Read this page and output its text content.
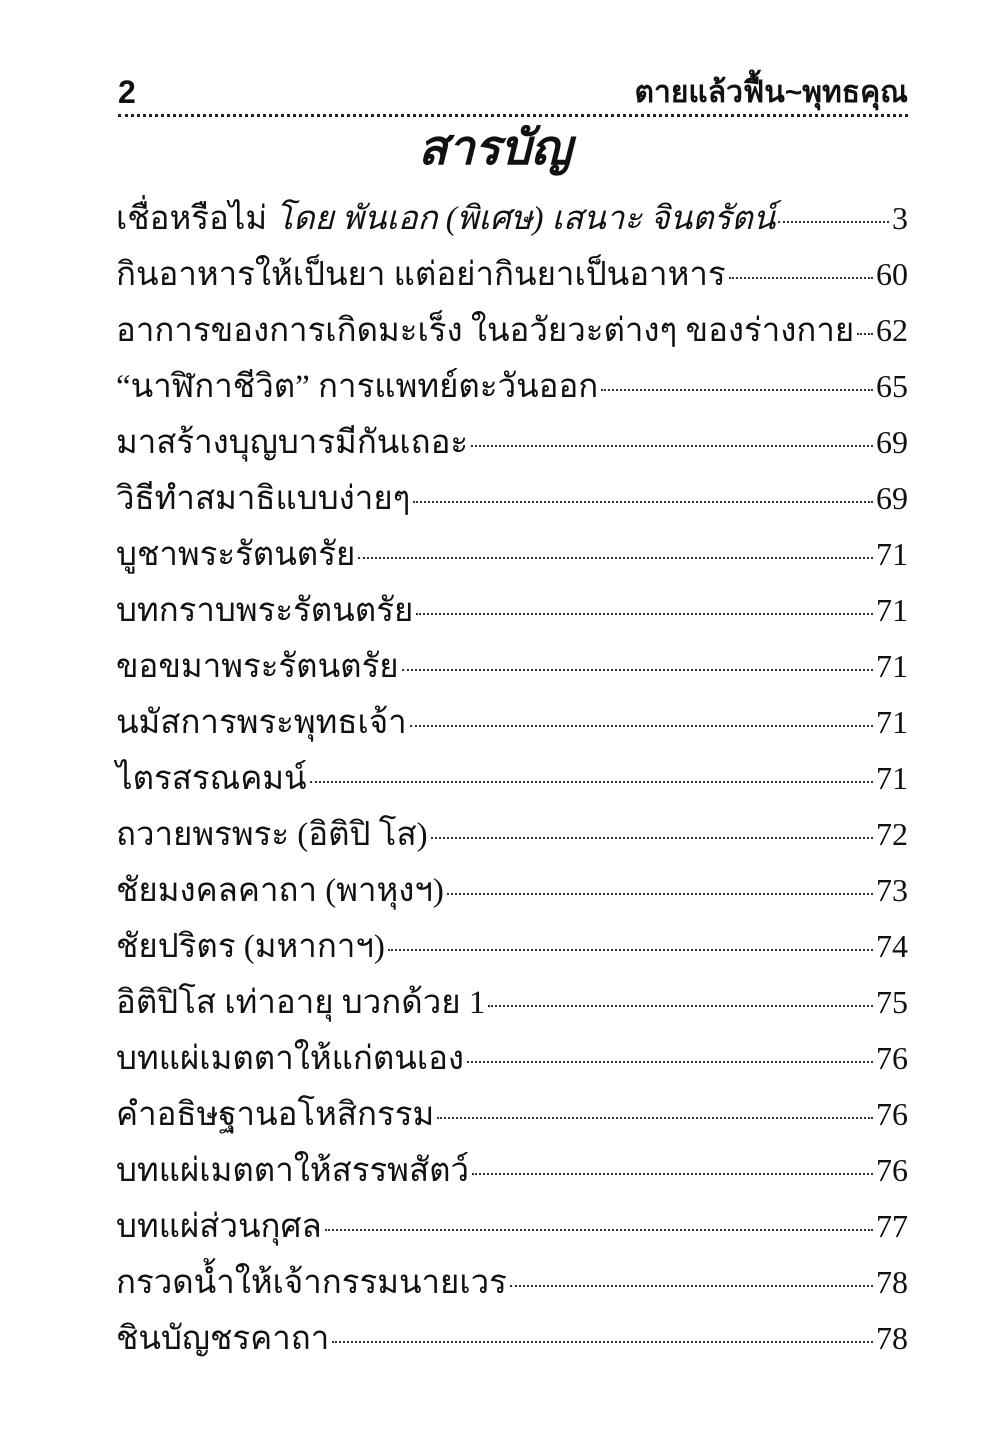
2	ตายแล้วฟื้น~พุทธคุณ
สารบัญ
เชื่อหรือไม่ โดย พันเอก (พิเศษ) เสนาะ จินตรัตน์	3
กินอาหารให้เป็นยา แต่อย่ากินยาเป็นอาหาร	60
อาการของการเกิดมะเร็ง ในอวัยวะต่างๆ ของร่างกาย 62
“นาฬิกาชีวิต” การแพทย์ตะวันออก	65
มาสร้างบุญบารมีกันเถอะ	69
วิธีทำสมาธิแบบง่ายๆ	69
บูชาพระรัตนตรัย	71
บทกราบพระรัตนตรัย	71
ขอขมาพระรัตนตรัย	71
นมัสการพระพุทธเจ้า	71
ไตรสรณคมน์	71
ถวายพรพระ (อิติปิ โส)	72
ชัยมงคลคาถา (พาหุงฯ)	73
ชัยปริตร (มหากาฯ)	74
อิติปิโส เท่าอายุ บวกด้วย 1	75
บทแผ่เมตตาให้แก่ตนเอง	76
คำอธิษฐานอโหสิกรรม	76
บทแผ่เมตตาให้สรรพสัตว์	76
บทแผ่ส่วนกุศล	77
กรวดน้ำให้เจ้ากรรมนายเวร	78
ชินบัญชรคาถา	78
